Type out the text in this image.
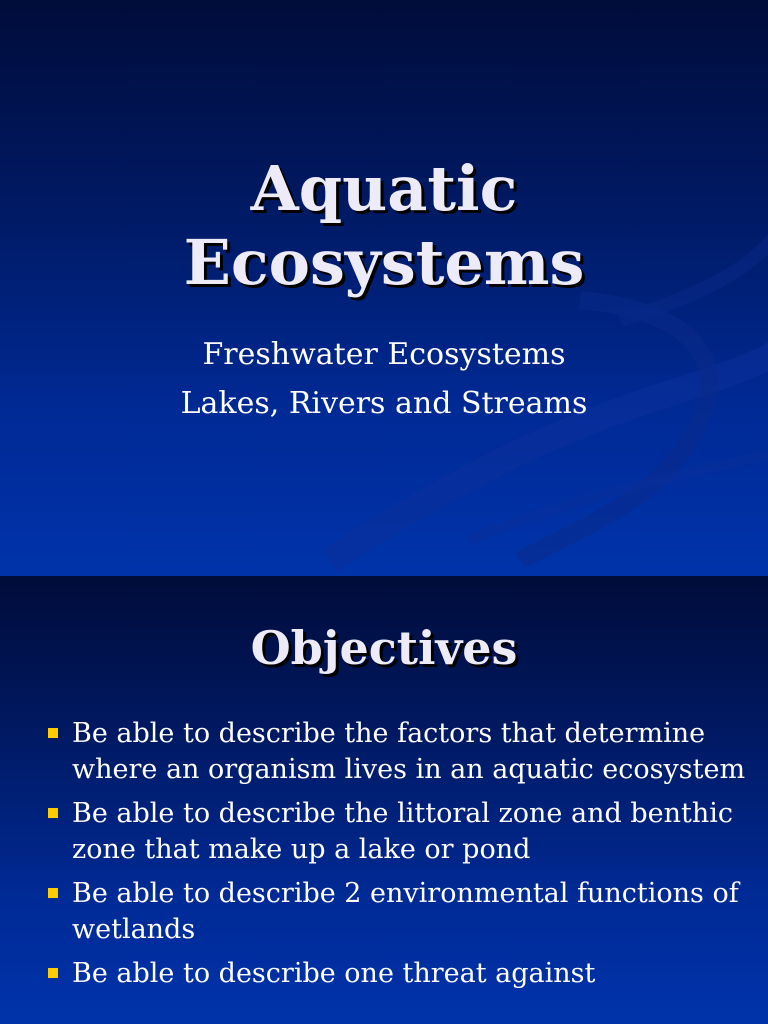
Aquatic
Ecosystems
Freshwater Ecosystems
Lakes, Rivers and Streams
Objectives
Be able to describe the factors that determine where an organism lives in an aquatic ecosystem
Be able to describe the littoral zone and benthic zone that make up a lake or pond
Be able to describe 2 environmental functions of wetlands
Be able to describe one threat against
